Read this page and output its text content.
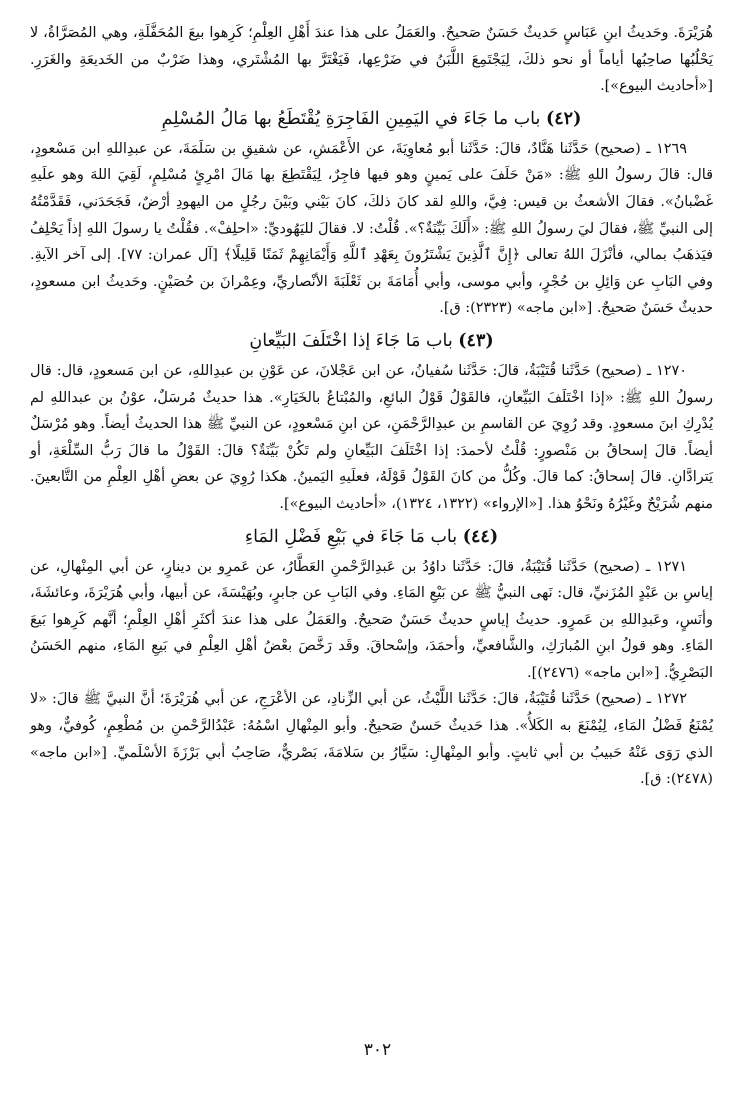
هُرَيْرَةَ. وحَديثُ ابنِ عَبَاسٍ حَديثٌ حَسَنٌ صَحيحٌ. والعَمَلُ على هذا عندَ أَهْلِ العِلْمِ؛ كَرِهوا بيعَ المُحَفَّلَةِ، وهي المُصَرَّاةُ، لا يَحْلُبُها صاحِبُها أياماً أو نحو ذلكَ، لِيَجْتَمِعَ اللَّبَنُ في ضَرْعِها، فَيَغْتَرَّ بها المُشْتَري، وهذا ضَرْبٌ من الخَديعَةِ والغَرَرِ. [«أحاديث البيوع»].

(٤٢) باب ما جَاءَ في اليَمِينِ الفَاجِرَةِ يُقْتَطَعُ بها مَالُ المُسْلِمِ

١٢٦٩ ـ (صحيح) حَدَّثَنا هَنَّادٌ، قالَ: حَدَّثَنا أبو مُعاوِيَةَ، عن الأَعْمَشِ، عن شقيقِ بن سَلَمَةَ، عن عبدِاللهِ ابن مَسْعودٍ، قال: قالَ رسولُ اللهِ ﷺ: «مَنْ حَلَفَ على يَمينٍ وهو فيها فاجِرٌ، لِيَقْتَطِعَ بها مَالَ امْرِئٍ مُسْلِمٍ، لَقِيَ اللهَ وهو علَيهِ غَضْبانُ». فقالَ الأشعثُ بن قيس: فِيَّ، واللهِ لقد كانَ ذلكَ، كانَ بَيْني وبَيْنَ رجُلٍ من اليهودِ أرْضٌ، فَجَحَدَني، فَقَدَّمْتُهُ إلى النبيِّ ﷺ، فقالَ ليَ رسولُ اللهِ ﷺ: «أَلَكَ بَيِّنَةٌ؟». قُلْتُ: لا. فقالَ لليَهُوديِّ: «احلِفْ». فقُلْتُ يا رسولَ اللهِ إذاً يَحْلِفُ فيَذهَبُ بمالي، فأنْزَلَ اللهُ تعالى ﴿إِنَّ ٱلَّذِينَ يَشْتَرُونَ بِعَهْدِ ٱللَّهِ وَأَيْمَانِهِمْ ثَمَنًا قَلِيلًا﴾ [آل عمران: ٧٧]. إلى آخر الآيةِ. وفي البَابِ عن وَائِلِ بن حُجْرٍ، وأبي موسى، وأبي أُمَامَةَ بن ثَعْلَبَةَ الأنْصاريِّ، وعِمْرانَ بن حُصَيْنٍ. وحَديثُ ابن مسعودٍ، حديثٌ حَسَنٌ صَحيحٌ. [«ابن ماجه» (٢٣٢٣): ق].

(٤٣) باب مَا جَاءَ إذا اخْتَلَفَ البَيِّعانِ

١٢٧٠ ـ (صحيح) حَدَّثَنا قُتَيْبَةُ، قالَ: حَدَّثَنا سُفيانُ، عن ابن عَجْلانَ، عن عَوْنِ بن عبدِاللهِ، عن ابن مَسعودٍ، قال: قال رسولُ اللهِ ﷺ: «إذا اخْتَلَفَ البَيِّعانِ، فالقَوْلُ قَوْلُ البائعِ، والمُبْتاعُ بالخَيَارِ». هذا حديثٌ مُرسَلٌ، عوْنُ بن عبداللهِ لم يُدْرِكِ ابنَ مسعودٍ. وقد رُوِيَ عن القاسمِ بن عبدِالرَّحْمَنِ، عن ابنِ مَسْعودٍ، عن النبيِّ ﷺ هذا الحديثُ أيضاً. وهو مُرْسَلٌ أيضاً. قالَ إسحاقُ بن مَنْصورٍ: قُلْتُ لأحمدَ: إذا اخْتَلَفَ البَيِّعانِ ولم تَكُنْ بَيِّنَةٌ؟ قالَ: القَوْلُ ما قالَ رَبُّ السِّلْعَةِ، أو يَترادَّانِ. قالَ إسحاقُ: كما قالَ. وكُلُّ من كانَ القَوْلُ قَوْلَهُ، فعلَيهِ اليَمينُ. هكذا رُوِيَ عن بعضِ أهْلِ العِلْمِ من التَّابعينَ. منهم شُرَيْحٌ وغَيْرُهُ ونَحْوُ هذا. [«الإرواء» (١٣٢٢، ١٣٢٤)، «أحاديث البيوع»].

(٤٤) باب مَا جَاءَ في بَيْعِ فَضْلِ المَاءِ

١٢٧١ ـ (صحيح) حَدَّثَنا قُتَيْبَةُ، قالَ: حَدَّثَنا داوُدُ بن عَبدِالرَّحْمنِ العَطَّارُ، عن عَمرِو بن دينارٍ، عن أبي المِنْهالِ، عن إياسِ بن عَبْدٍ المُزَنيِّ، قال: نَهى النبيُّ ﷺ عن بَيْعِ المَاءِ. وفي البَابِ عن جابرٍ، وبُهَيْسَةَ، عن أبيها، وأبي هُرَيْرَةَ، وعائشَةَ، وأنَسٍ، وعَبدِاللهِ بن عَمرٍو. حديثُ إياسٍ حديثٌ حَسَنٌ صَحيحٌ. والعَمَلُ على هذا عندَ أكثَرِ أهْلِ العِلْمِ؛ أنَّهم كَرِهوا بَيعَ المَاءِ. وهو قولُ ابنِ المُبارَكِ، والشَّافعيِّ، وأحمَدَ، وإسْحاقَ. وقَد رَخَّصَ بعْضُ أهْلِ العِلْمِ في بَيعِ المَاءِ، منهم الحَسَنُ البَصْرِيُّ. [«ابن ماجه» (٢٤٧٦)].

١٢٧٢ ـ (صحيح) حَدَّثَنا قُتَيْبَةُ، قالَ: حَدَّثَنا اللَّيْثُ، عن أبي الزِّنادِ، عن الأعْرَجِ، عن أبي هُرَيْرَةَ؛ أنَّ النبيَّ ﷺ قالَ: «لا يُمْنَعُ فَضْلُ المَاءِ، لِيُمْنَعَ به الكَلأُ». هذا حَديثٌ حَسنٌ صَحيحٌ. وأبو المِنْهالِ اسْمُهُ: عَبْدُالرَّحْمنِ بن مُطْعِمٍ، كُوفيٌّ، وهو الذي رَوَى عَنْهُ حَبيبُ بن أبي ثابتٍ. وأبو المِنْهالِ: سَيَّارُ بن سَلامَةَ، بَصْريٌّ، صَاحِبُ أبي بَرْزَةَ الأسْلَميِّ. [«ابن ماجه» (٢٤٧٨): ق].

٣٠٢
